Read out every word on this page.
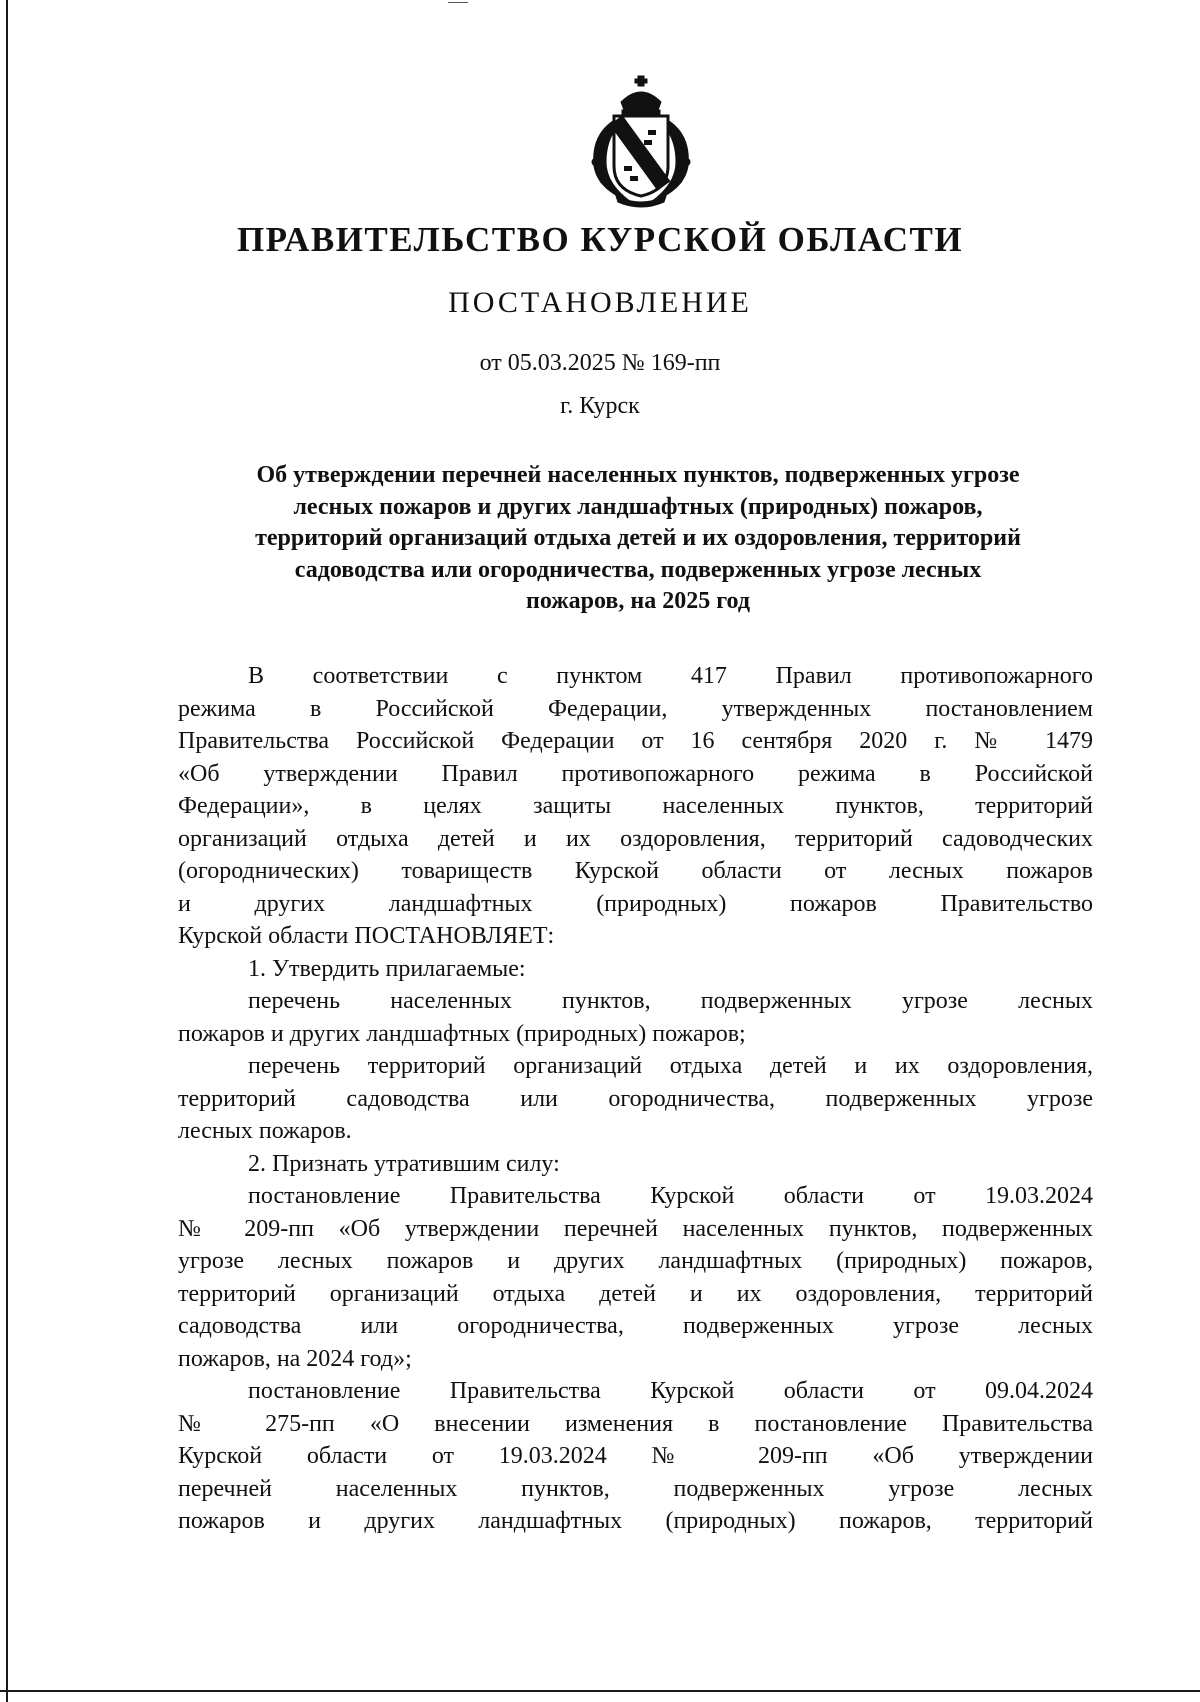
ПРАВИТЕЛЬСТВО КУРСКОЙ ОБЛАСТИ
ПОСТАНОВЛЕНИЕ
от 05.03.2025 № 169-пп
г. Курск
Об утверждении перечней населенных пунктов, подверженных угрозе
лесных пожаров и других ландшафтных (природных) пожаров,
территорий организаций отдыха детей и их оздоровления, территорий
садоводства или огородничества, подверженных угрозе лесных
пожаров, на 2025 год
В соответствии с пунктом 417 Правил противопожарного
режима в Российской Федерации, утвержденных постановлением
Правительства Российской Федерации от 16 сентября 2020 г. № 1479
«Об утверждении Правил противопожарного режима в Российской
Федерации», в целях защиты населенных пунктов, территорий
организаций отдыха детей и их оздоровления, территорий садоводческих
(огороднических) товариществ Курской области от лесных пожаров
и других ландшафтных (природных) пожаров Правительство
Курской области ПОСТАНОВЛЯЕТ:
1. Утвердить прилагаемые:
перечень населенных пунктов, подверженных угрозе лесных
пожаров и других ландшафтных (природных) пожаров;
перечень территорий организаций отдыха детей и их оздоровления,
территорий садоводства или огородничества, подверженных угрозе
лесных пожаров.
2. Признать утратившим силу:
постановление Правительства Курской области от 19.03.2024
№ 209-пп «Об утверждении перечней населенных пунктов, подверженных
угрозе лесных пожаров и других ландшафтных (природных) пожаров,
территорий организаций отдыха детей и их оздоровления, территорий
садоводства или огородничества, подверженных угрозе лесных
пожаров, на 2024 год»;
постановление Правительства Курской области от 09.04.2024
№ 275-пп «О внесении изменения в постановление Правительства
Курской области от 19.03.2024 № 209-пп «Об утверждении
перечней населенных пунктов, подверженных угрозе лесных
пожаров и других ландшафтных (природных) пожаров, территорий
